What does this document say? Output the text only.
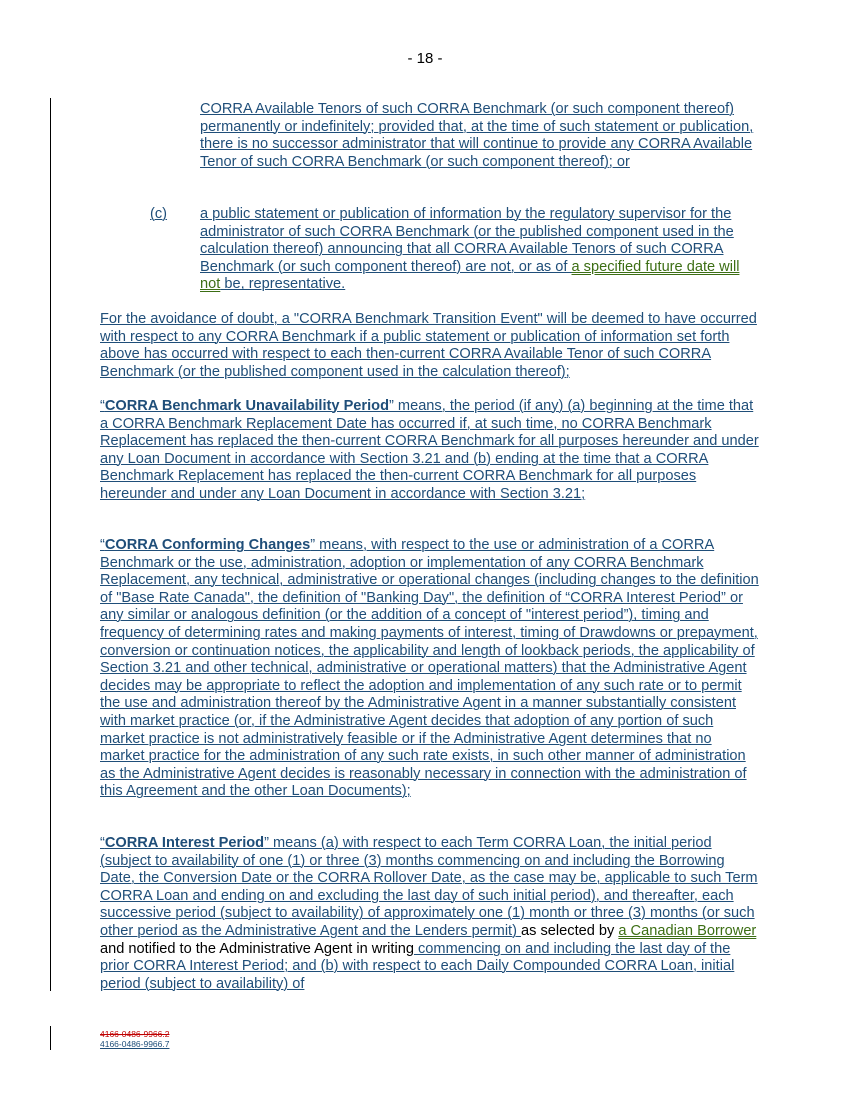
- 18 -

CORRA Available Tenors of such CORRA Benchmark (or such component thereof) permanently or indefinitely; provided that, at the time of such statement or publication, there is no successor administrator that will continue to provide any CORRA Available Tenor of such CORRA Benchmark (or such component thereof); or

(c) a public statement or publication of information by the regulatory supervisor for the administrator of such CORRA Benchmark (or the published component used in the calculation thereof) announcing that all CORRA Available Tenors of such CORRA Benchmark (or such component thereof) are not, or as of a specified future date will not be, representative.

For the avoidance of doubt, a "CORRA Benchmark Transition Event" will be deemed to have occurred with respect to any CORRA Benchmark if a public statement or publication of information set forth above has occurred with respect to each then-current CORRA Available Tenor of such CORRA Benchmark (or the published component used in the calculation thereof);

“CORRA Benchmark Unavailability Period” means, the period (if any) (a) beginning at the time that a CORRA Benchmark Replacement Date has occurred if, at such time, no CORRA Benchmark Replacement has replaced the then-current CORRA Benchmark for all purposes hereunder and under any Loan Document in accordance with Section 3.21 and (b) ending at the time that a CORRA Benchmark Replacement has replaced the then-current CORRA Benchmark for all purposes hereunder and under any Loan Document in accordance with Section 3.21;

“CORRA Conforming Changes” means, with respect to the use or administration of a CORRA Benchmark or the use, administration, adoption or implementation of any CORRA Benchmark Replacement, any technical, administrative or operational changes (including changes to the definition of "Base Rate Canada", the definition of "Banking Day", the definition of “CORRA Interest Period” or any similar or analogous definition (or the addition of a concept of "interest period”), timing and frequency of determining rates and making payments of interest, timing of Drawdowns or prepayment, conversion or continuation notices, the applicability and length of lookback periods, the applicability of Section 3.21 and other technical, administrative or operational matters) that the Administrative Agent decides may be appropriate to reflect the adoption and implementation of any such rate or to permit the use and administration thereof by the Administrative Agent in a manner substantially consistent with market practice (or, if the Administrative Agent decides that adoption of any portion of such market practice is not administratively feasible or if the Administrative Agent determines that no market practice for the administration of any such rate exists, in such other manner of administration as the Administrative Agent decides is reasonably necessary in connection with the administration of this Agreement and the other Loan Documents);

“CORRA Interest Period” means (a) with respect to each Term CORRA Loan, the initial period (subject to availability of one (1) or three (3) months commencing on and including the Borrowing Date, the Conversion Date or the CORRA Rollover Date, as the case may be, applicable to such Term CORRA Loan and ending on and excluding the last day of such initial period), and thereafter, each successive period (subject to availability) of approximately one (1) month or three (3) months (or such other period as the Administrative Agent and the Lenders permit) as selected by a Canadian Borrower and notified to the Administrative Agent in writing commencing on and including the last day of the prior CORRA Interest Period; and (b) with respect to each Daily Compounded CORRA Loan, initial period (subject to availability) of

4166-0486-9966.2
4166-0486-9966.7
